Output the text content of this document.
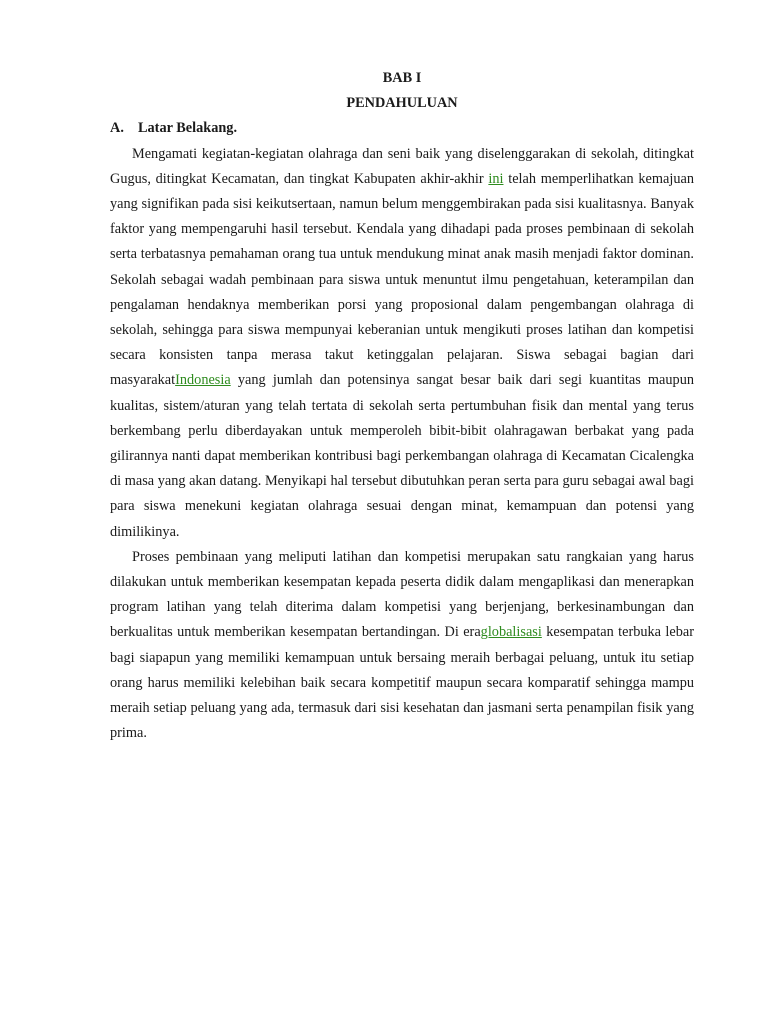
BAB I

PENDAHULUAN

A. Latar Belakang.

Mengamati kegiatan-kegiatan olahraga dan seni baik yang diselenggarakan di sekolah, ditingkat Gugus, ditingkat Kecamatan, dan tingkat Kabupaten akhir-akhir ini telah memperlihatkan kemajuan yang signifikan pada sisi keikutsertaan, namun belum menggembirakan pada sisi kualitasnya. Banyak faktor yang mempengaruhi hasil tersebut. Kendala yang dihadapi pada proses pembinaan di sekolah serta terbatasnya pemahaman orang tua untuk mendukung minat anak masih menjadi faktor dominan. Sekolah sebagai wadah pembinaan para siswa untuk menuntut ilmu pengetahuan, keterampilan dan pengalaman hendaknya memberikan porsi yang proposional dalam pengembangan olahraga di sekolah, sehingga para siswa mempunyai keberanian untuk mengikuti proses latihan dan kompetisi secara konsisten tanpa merasa takut ketinggalan pelajaran. Siswa sebagai bagian dari masyarakatIndonesia yang jumlah dan potensinya sangat besar baik dari segi kuantitas maupun kualitas, sistem/aturan yang telah tertata di sekolah serta pertumbuhan fisik dan mental yang terus berkembang perlu diberdayakan untuk memperoleh bibit-bibit olahragawan berbakat yang pada gilirannya nanti dapat memberikan kontribusi bagi perkembangan olahraga di Kecamatan Cicalengka di masa yang akan datang. Menyikapi hal tersebut dibutuhkan peran serta para guru sebagai awal bagi para siswa menekuni kegiatan olahraga sesuai dengan minat, kemampuan dan potensi yang dimilikinya.

Proses pembinaan yang meliputi latihan dan kompetisi merupakan satu rangkaian yang harus dilakukan untuk memberikan kesempatan kepada peserta didik dalam mengaplikasi dan menerapkan program latihan yang telah diterima dalam kompetisi yang berjenjang, berkesinambungan dan berkualitas untuk memberikan kesempatan bertandingan. Di eraglobalisasi kesempatan terbuka lebar bagi siapapun yang memiliki kemampuan untuk bersaing meraih berbagai peluang, untuk itu setiap orang harus memiliki kelebihan baik secara kompetitif maupun secara komparatif sehingga mampu meraih setiap peluang yang ada, termasuk dari sisi kesehatan dan jasmani serta penampilan fisik yang prima.
